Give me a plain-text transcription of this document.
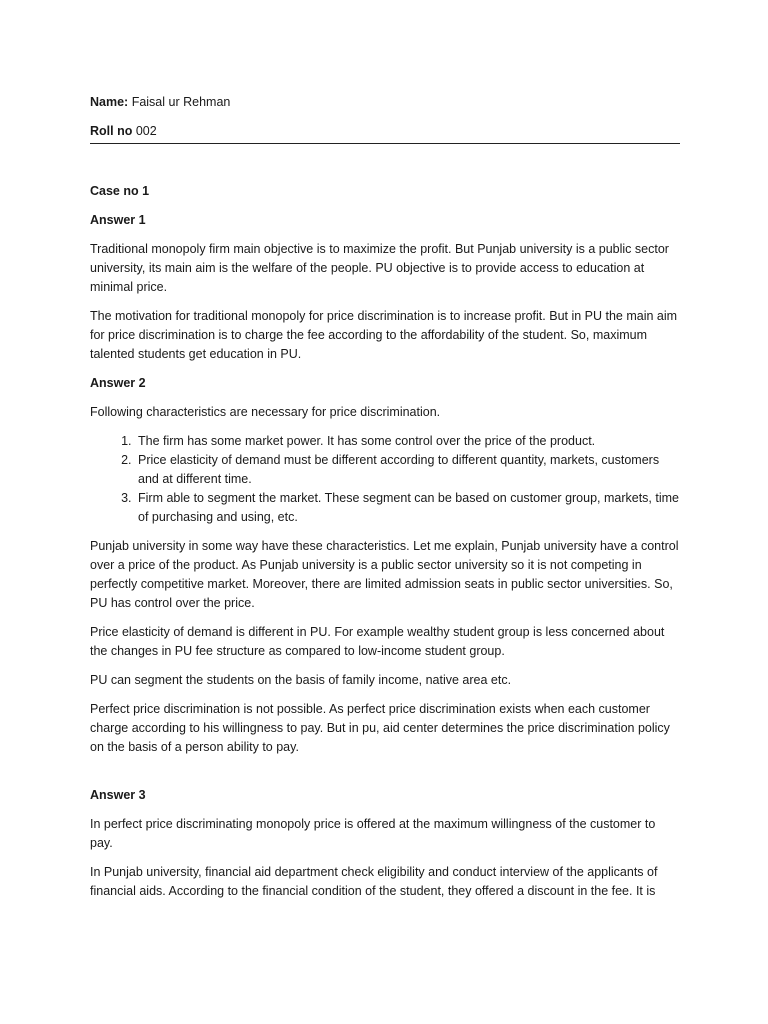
Name: Faisal ur Rehman

Roll no 002

Case no 1

Answer 1

Traditional monopoly firm main objective is to maximize the profit. But Punjab university is a public sector university, its main aim is the welfare of the people. PU objective is to provide access to education at minimal price.

The motivation for traditional monopoly for price discrimination is to increase profit. But in PU the main aim for price discrimination is to charge the fee according to the affordability of the student. So, maximum talented students get education in PU.

Answer 2

Following characteristics are necessary for price discrimination.

1. The firm has some market power. It has some control over the price of the product.
2. Price elasticity of demand must be different according to different quantity, markets, customers and at different time.
3. Firm able to segment the market. These segment can be based on customer group, markets, time of purchasing and using, etc.

Punjab university in some way have these characteristics. Let me explain, Punjab university have a control over a price of the product. As Punjab university is a public sector university so it is not competing in perfectly competitive market. Moreover, there are limited admission seats in public sector universities. So, PU has control over the price.

Price elasticity of demand is different in PU. For example wealthy student group is less concerned about the changes in PU fee structure as compared to low-income student group.

PU can segment the students on the basis of family income, native area etc.

Perfect price discrimination is not possible. As perfect price discrimination exists when each customer charge according to his willingness to pay. But in pu, aid center determines the price discrimination policy on the basis of a person ability to pay.

Answer 3

In perfect price discriminating monopoly price is offered at the maximum willingness of the customer to pay.

In Punjab university, financial aid department check eligibility and conduct interview of the applicants of financial aids. According to the financial condition of the student, they offered a discount in the fee. It is
